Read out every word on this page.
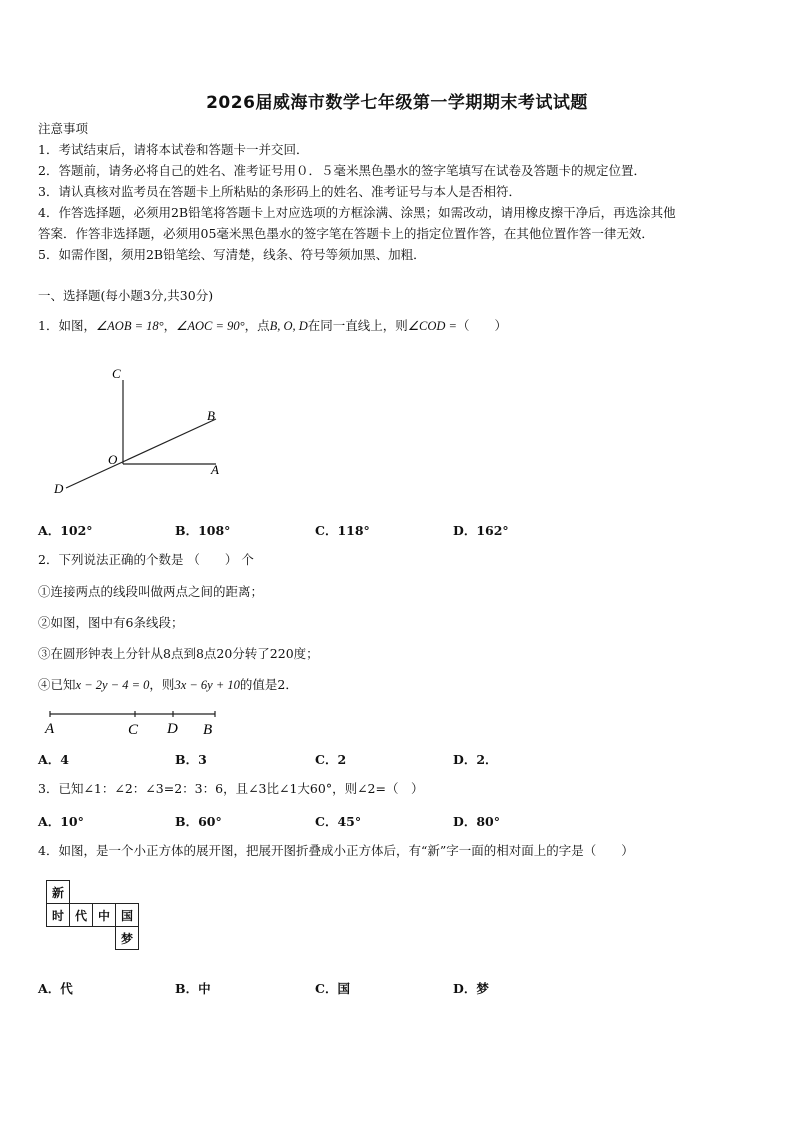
2026届威海市数学七年级第一学期期末考试试题
注意事项
1．考试结束后，请将本试卷和答题卡一并交回．
2．答题前，请务必将自己的姓名、准考证号用０．５毫米黑色墨水的签字笔填写在试卷及答题卡的规定位置．
3．请认真核对监考员在答题卡上所粘贴的条形码上的姓名、准考证号与本人是否相符．
4．作答选择题，必须用2B铅笔将答题卡上对应选项的方框涂满、涂黑；如需改动，请用橡皮擦干净后，再选涂其他
答案．作答非选择题，必须用05毫米黑色墨水的签字笔在答题卡上的指定位置作答，在其他位置作答一律无效．
5．如需作图，须用2B铅笔绘、写清楚，线条、符号等须加黑、加粗．
一、选择题(每小题3分,共30分)
1．如图，∠AOB = 18°，∠AOC = 90°，点B, O, D在同一直线上，则∠COD =（　　）
C
B
O
A
D
A．102°	B．108°	C．118°	D．162°
2．下列说法正确的个数是 （　　） 个
①连接两点的线段叫做两点之间的距离；
②如图，图中有6条线段；
③在圆形钟表上分针从8点到8点20分转了220度；
④已知x − 2y − 4 = 0，则3x − 6y + 10的值是2．
A	C D B
A．4	B．3	C．2	D．2．
3．已知∠1：∠2：∠3=2：3：6，且∠3比∠1大60°，则∠2=（　）
A．10°	B．60°	C．45°	D．80°
4．如图，是一个小正方体的展开图，把展开图折叠成小正方体后，有“新”字一面的相对面上的字是（　　）
新			
时	代	中	国
			梦
A．代	B．中	C．国	D．梦
